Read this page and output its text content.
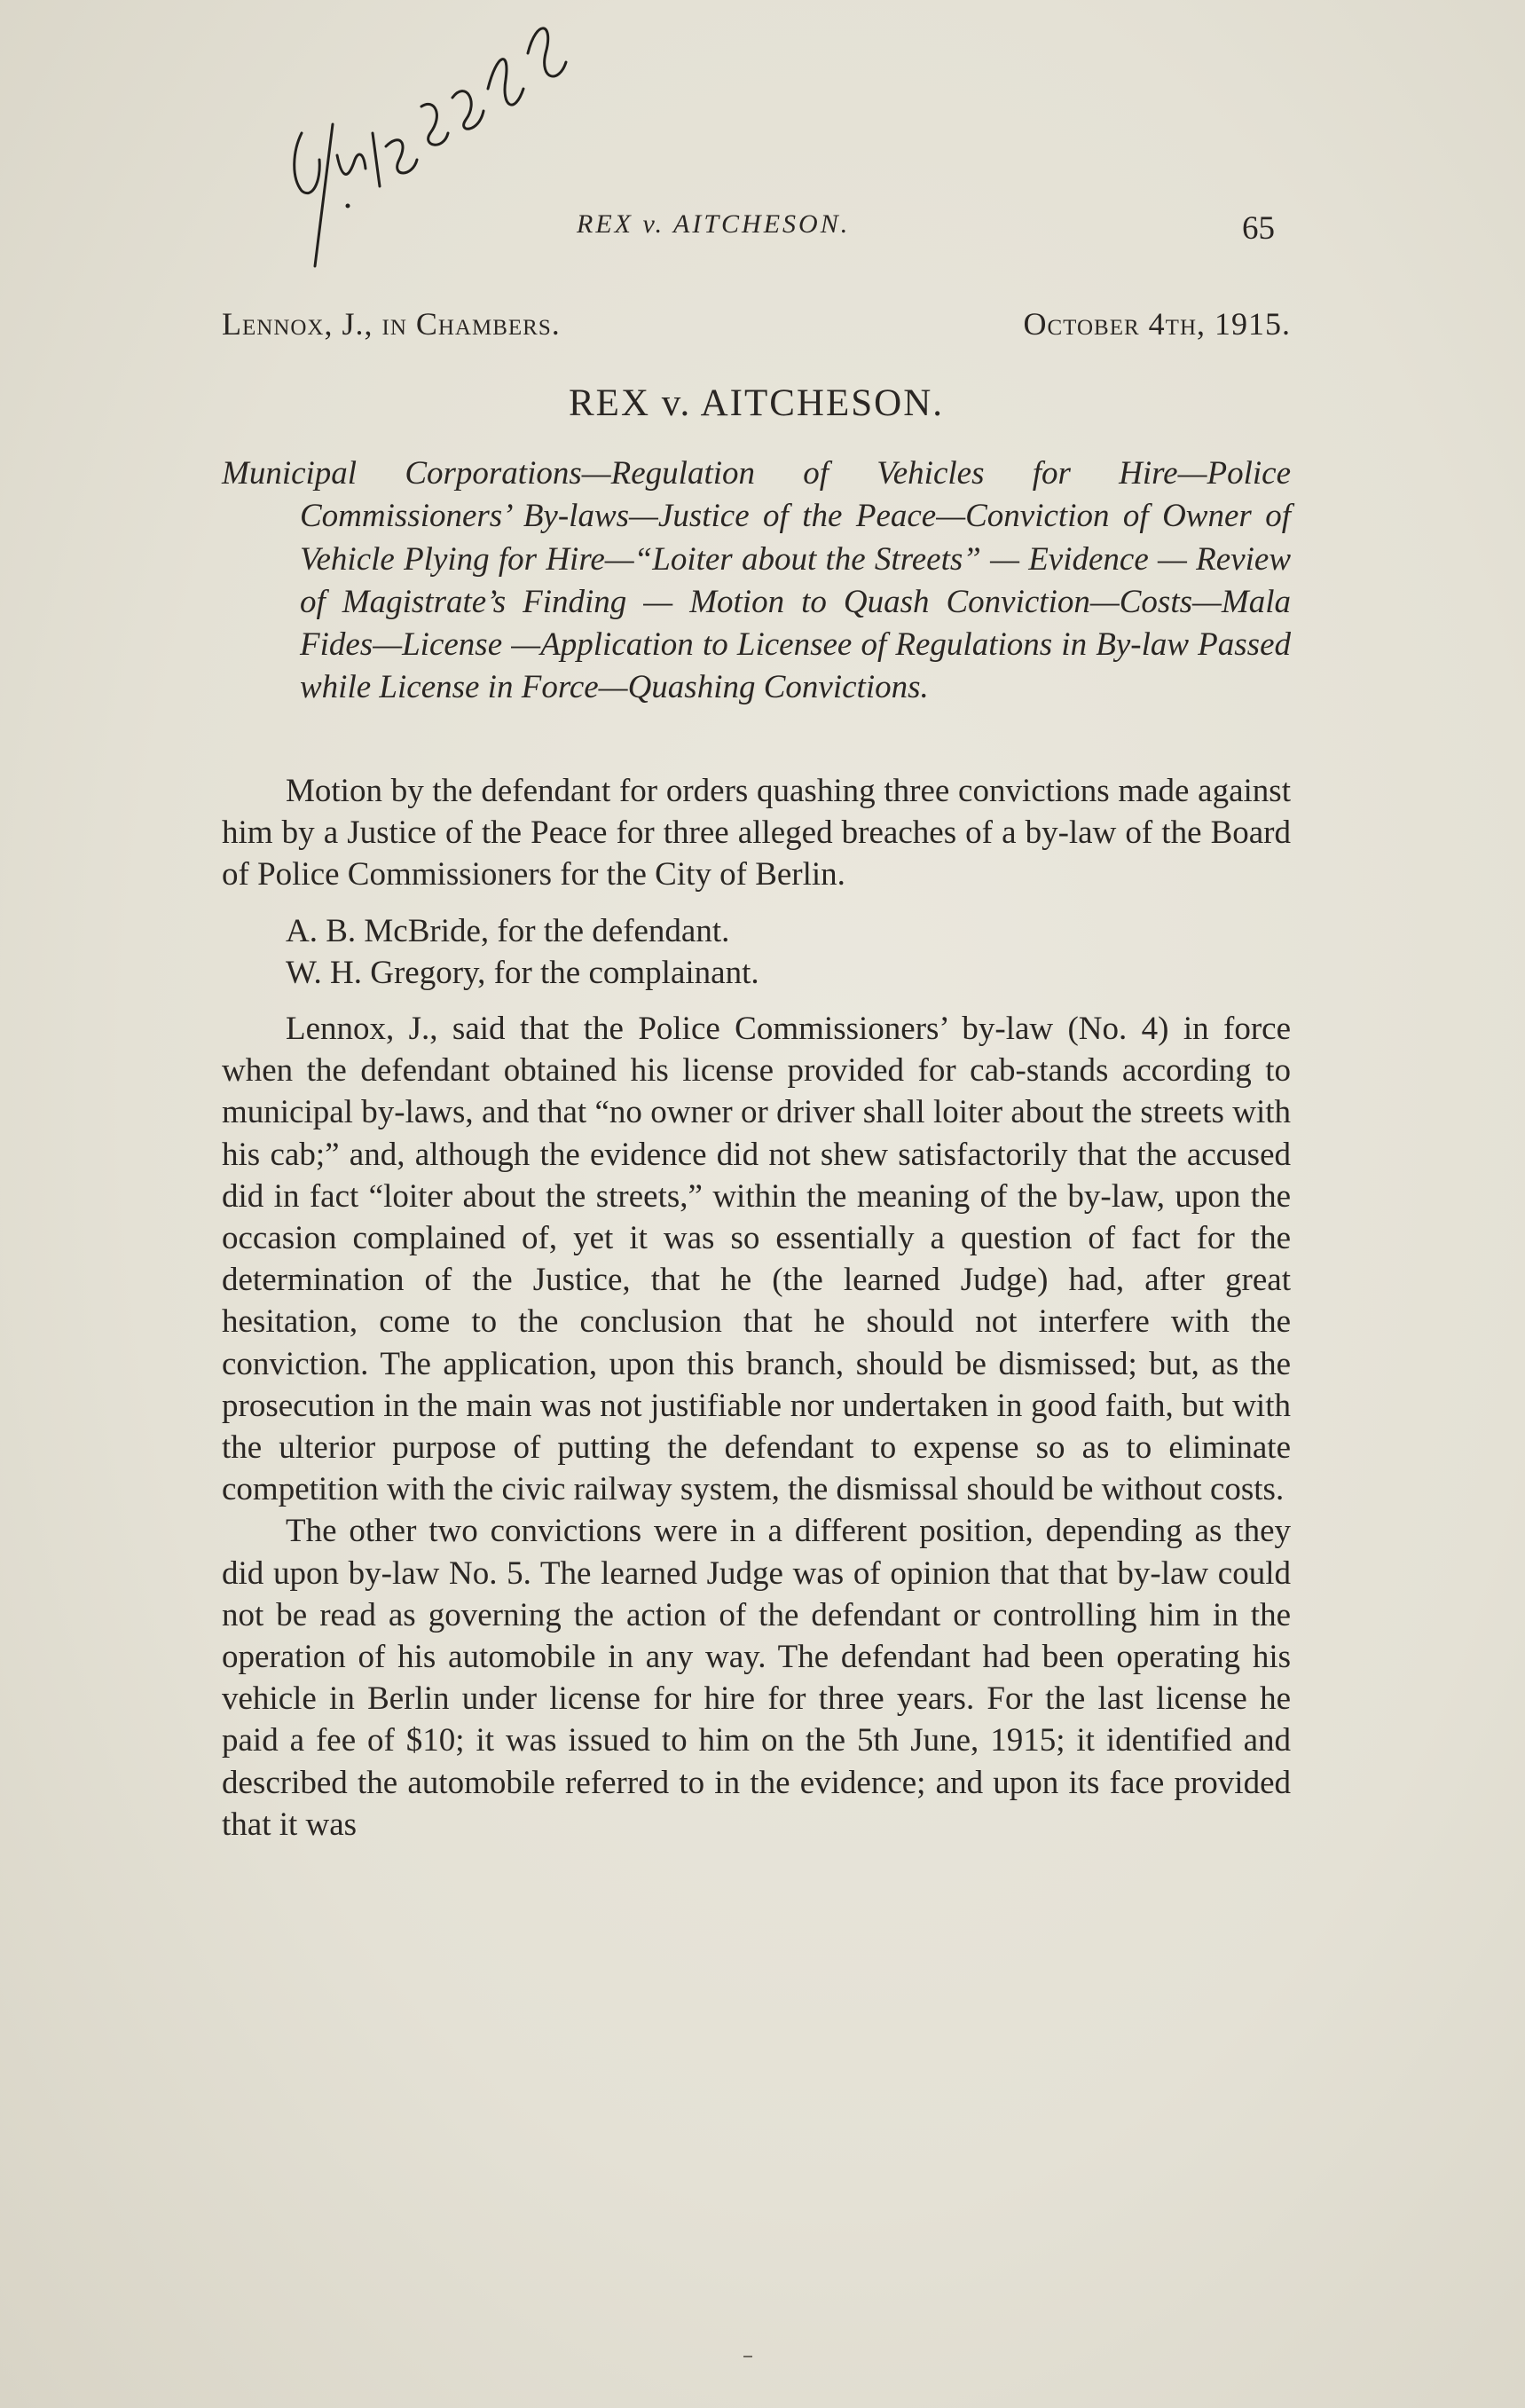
REX v. AITCHESON.	65
Lennox, J., in Chambers.	October 4th, 1915.
REX v. AITCHESON.
Municipal Corporations—Regulation of Vehicles for Hire—Police Commissioners’ By-laws—Justice of the Peace—Conviction of Owner of Vehicle Plying for Hire—“Loiter about the Streets” — Evidence — Review of Magistrate’s Finding — Motion to Quash Conviction—Costs—Mala Fides—License —Application to Licensee of Regulations in By-law Passed while License in Force—Quashing Convictions.

Motion by the defendant for orders quashing three convictions made against him by a Justice of the Peace for three alleged breaches of a by-law of the Board of Police Commissioners for the City of Berlin.

A. B. McBride, for the defendant.

W. H. Gregory, for the complainant.

Lennox, J., said that the Police Commissioners’ by-law (No. 4) in force when the defendant obtained his license provided for cab-stands according to municipal by-laws, and that “no owner or driver shall loiter about the streets with his cab;” and, although the evidence did not shew satisfactorily that the accused did in fact “loiter about the streets,” within the meaning of the by-law, upon the occasion complained of, yet it was so essentially a question of fact for the determination of the Justice, that he (the learned Judge) had, after great hesitation, come to the conclusion that he should not interfere with the conviction. The application, upon this branch, should be dismissed; but, as the prosecution in the main was not justifiable nor undertaken in good faith, but with the ulterior purpose of putting the defendant to expense so as to eliminate competition with the civic railway system, the dismissal should be without costs.

The other two convictions were in a different position, depending as they did upon by-law No. 5. The learned Judge was of opinion that that by-law could not be read as governing the action of the defendant or controlling him in the operation of his automobile in any way. The defendant had been operating his vehicle in Berlin under license for hire for three years. For the last license he paid a fee of $10; it was issued to him on the 5th June, 1915; it identified and described the automobile referred to in the evidence; and upon its face provided that it was
